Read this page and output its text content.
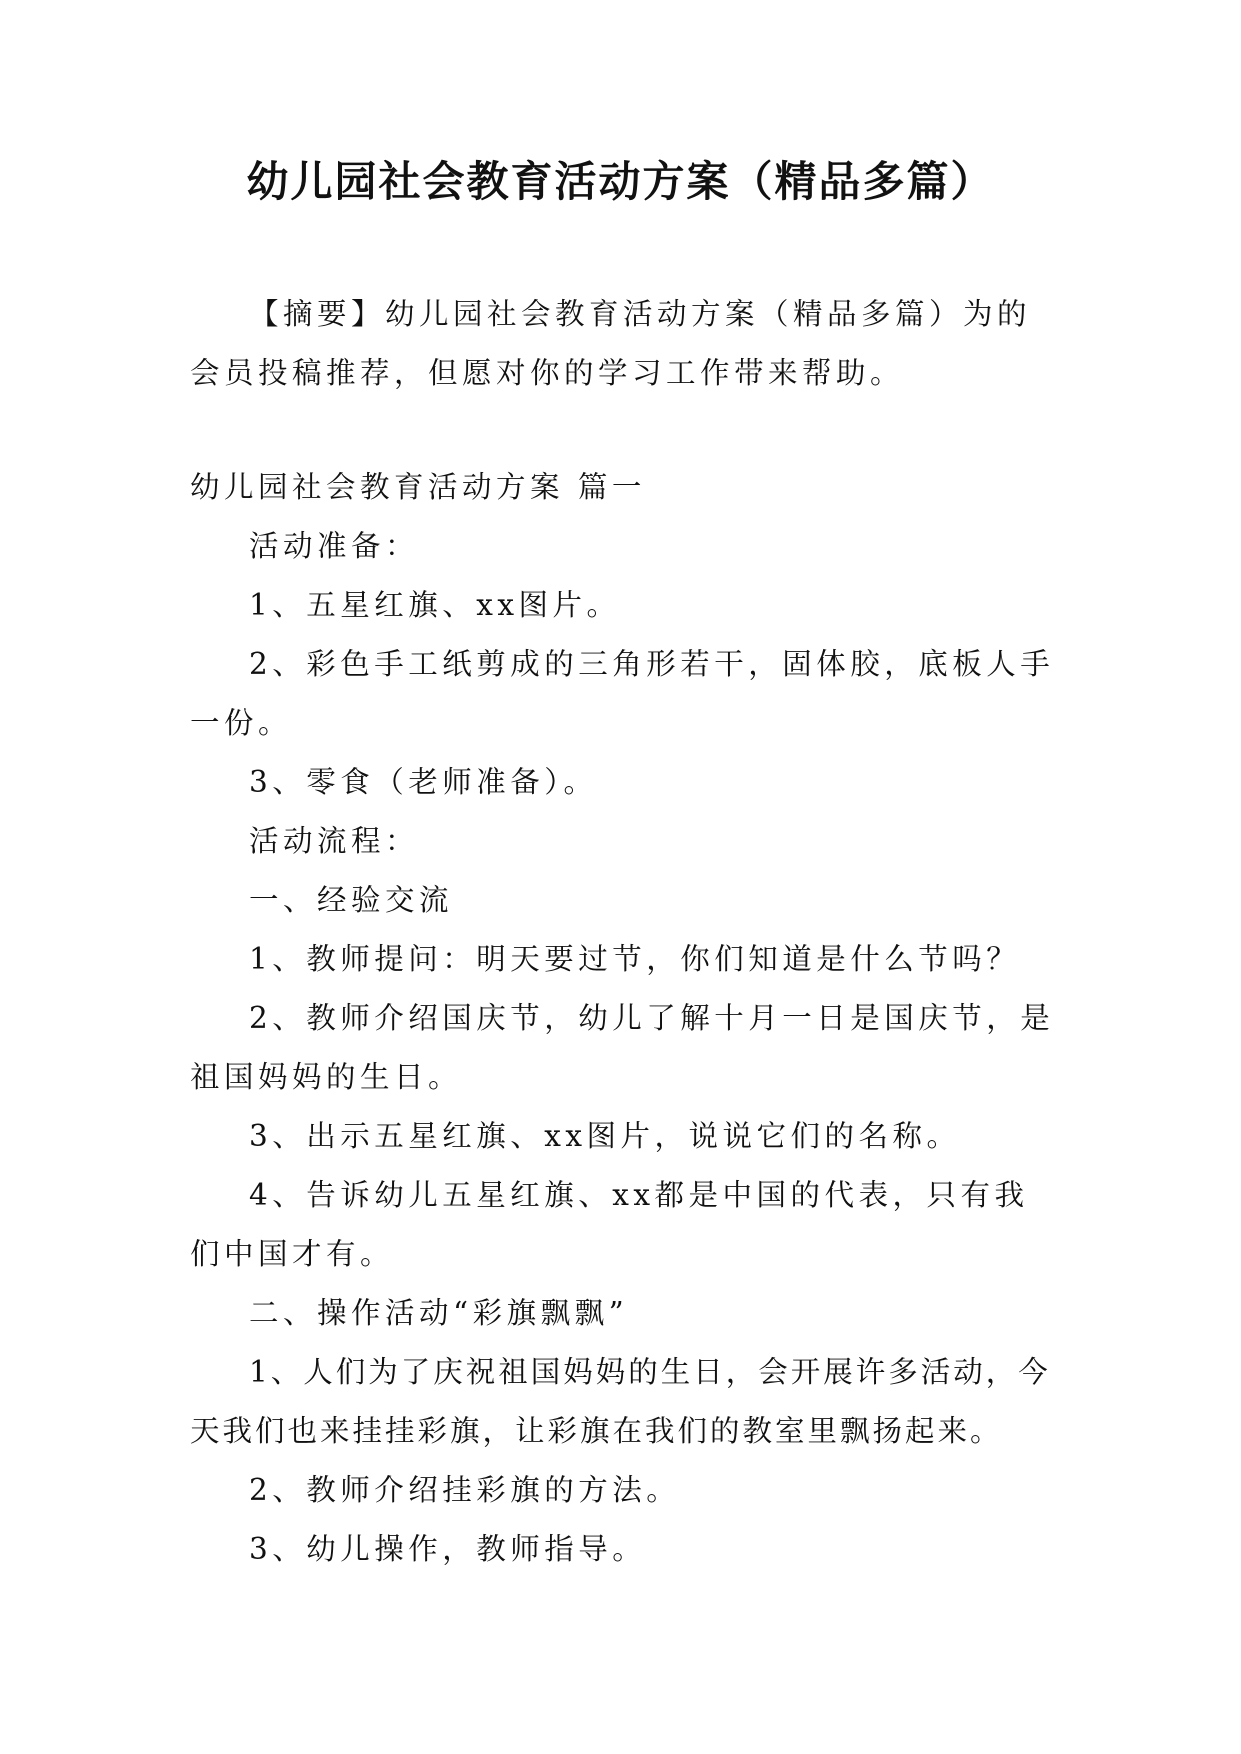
幼儿园社会教育活动方案（精品多篇）

【摘要】幼儿园社会教育活动方案（精品多篇）为的会员投稿推荐，但愿对你的学习工作带来帮助。

幼儿园社会教育活动方案 篇一

活动准备：

1、五星红旗、xx图片。

2、彩色手工纸剪成的三角形若干，固体胶，底板人手一份。

3、零食（老师准备）。

活动流程：

一、经验交流

1、教师提问：明天要过节，你们知道是什么节吗？

2、教师介绍国庆节，幼儿了解十月一日是国庆节，是祖国妈妈的生日。

3、出示五星红旗、xx图片，说说它们的名称。

4、告诉幼儿五星红旗、xx都是中国的代表，只有我们中国才有。

二、操作活动“彩旗飘飘”

1、人们为了庆祝祖国妈妈的生日，会开展许多活动，今天我们也来挂挂彩旗，让彩旗在我们的教室里飘扬起来。

2、教师介绍挂彩旗的方法。

3、幼儿操作，教师指导。
